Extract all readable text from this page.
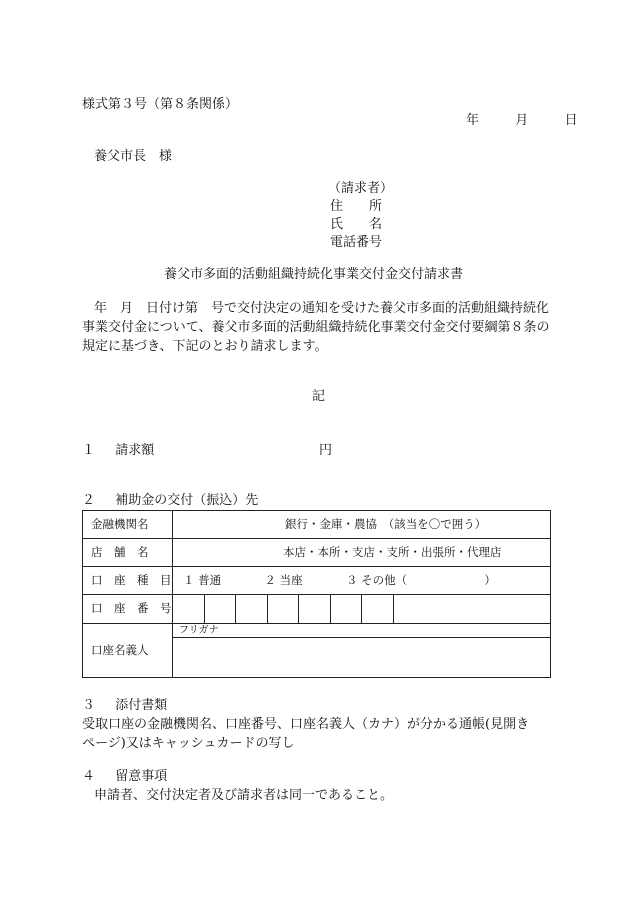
様式第３号（第８条関係）
年	月	日
養父市長　様
（請求者）
住　　所
氏　　名
電話番号
養父市多面的活動組織持続化事業交付金交付請求書
年　月　日付け第　号で交付決定の通知を受けた養父市多面的活動組織持続化
事業交付金について、養父市多面的活動組織持続化事業交付金交付要綱第８条の
規定に基づき、下記のとおり請求します。
記
１ 請求額	円
２ 補助金の交付（振込）先
金融機関名	銀行・金庫・農協　（該当を〇で囲う）

店　舗　名	本店・本所・支店・支所・出張所・代理店

口　座　種　目	１ 普通 ２ 当座 ３ その他（ ）

口　座　番　号	

口座名義人	フリガナ

３ 添付書類
受取口座の金融機関名、口座番号、口座名義人（カナ）が分かる通帳(見開き
ページ)又はキャッシュカードの写し
４ 留意事項
申請者、交付決定者及び請求者は同一であること。
